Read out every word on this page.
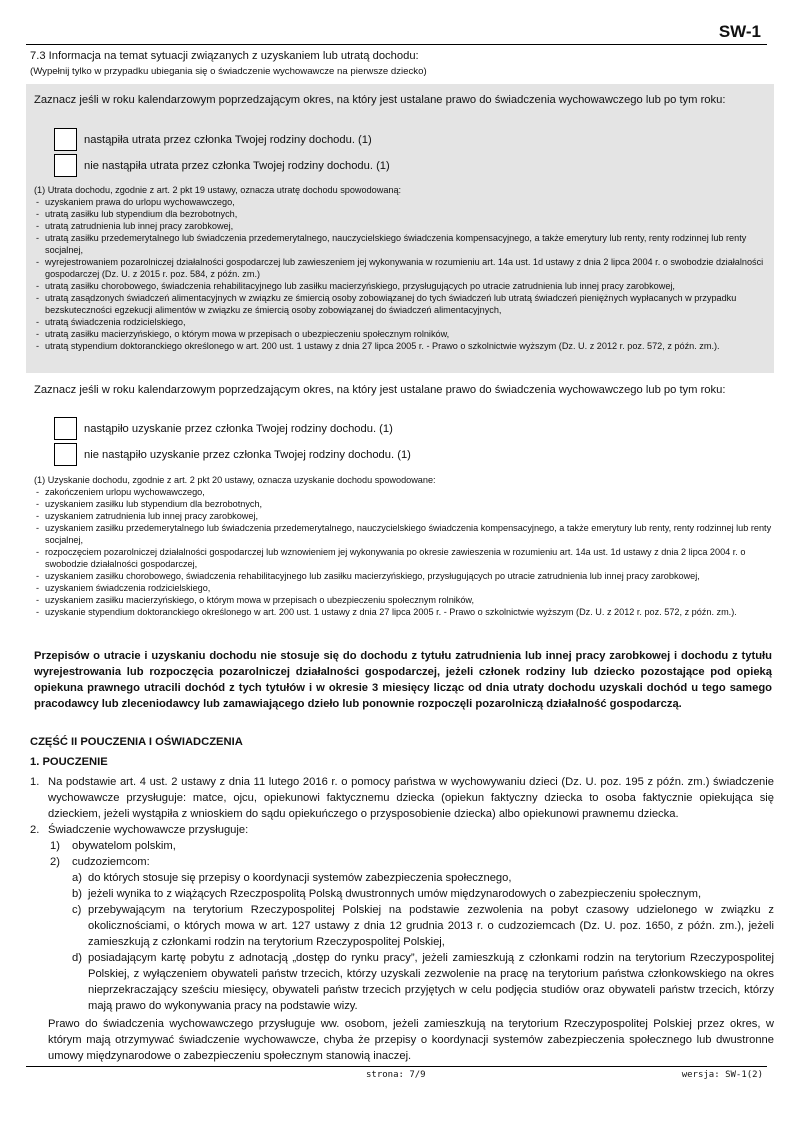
SW-1
7.3 Informacja na temat sytuacji związanych z uzyskaniem lub utratą dochodu:
(Wypełnij tylko w przypadku ubiegania się o świadczenie wychowawcze na pierwsze dziecko)
Zaznacz jeśli w roku kalendarzowym poprzedzającym okres, na który jest ustalane prawo do świadczenia wychowawczego lub po tym roku:
nastąpiła utrata przez członka Twojej rodziny dochodu. (1)
nie nastąpiła utrata przez członka Twojej rodziny dochodu. (1)
(1) Utrata dochodu, zgodnie z art. 2 pkt 19 ustawy, oznacza utratę dochodu spowodowaną:
- uzyskaniem prawa do urlopu wychowawczego,
- utratą zasiłku lub stypendium dla bezrobotnych,
- utratą zatrudnienia lub innej pracy zarobkowej,
- utratą zasiłku przedemerytalnego lub świadczenia przedemerytalnego, nauczycielskiego świadczenia kompensacyjnego, a także emerytury lub renty, renty rodzinnej lub renty socjalnej,
- wyrejestrowaniem pozarolniczej działalności gospodarczej lub zawieszeniem jej wykonywania w rozumieniu art. 14a ust. 1d ustawy z dnia 2 lipca 2004 r. o swobodzie działalności gospodarczej (Dz. U. z 2015 r. poz. 584, z późn. zm.)
- utratą zasiłku chorobowego, świadczenia rehabilitacyjnego lub zasiłku macierzyńskiego, przysługujących po utracie zatrudnienia lub innej pracy zarobkowej,
- utratą zasądzonych świadczeń alimentacyjnych w związku ze śmiercią osoby zobowiązanej do tych świadczeń lub utratą świadczeń pieniężnych wypłacanych w przypadku bezskuteczności egzekucji alimentów w związku ze śmiercią osoby zobowiązanej do świadczeń alimentacyjnych,
- utratą świadczenia rodzicielskiego,
- utratą zasiłku macierzyńskiego, o którym mowa w przepisach o ubezpieczeniu społecznym rolników,
- utratą stypendium doktoranckiego określonego w art. 200 ust. 1 ustawy z dnia 27 lipca 2005 r. - Prawo o szkolnictwie wyższym (Dz. U. z 2012 r. poz. 572, z późn. zm.).
Zaznacz jeśli w roku kalendarzowym poprzedzającym okres, na który jest ustalane prawo do świadczenia wychowawczego lub po tym roku:
nastąpiło uzyskanie przez członka Twojej rodziny dochodu. (1)
nie nastąpiło uzyskanie przez członka Twojej rodziny dochodu. (1)
(1) Uzyskanie dochodu, zgodnie z art. 2 pkt 20 ustawy, oznacza uzyskanie dochodu spowodowane:
- zakończeniem urlopu wychowawczego,
- uzyskaniem zasiłku lub stypendium dla bezrobotnych,
- uzyskaniem zatrudnienia lub innej pracy zarobkowej,
- uzyskaniem zasiłku przedemerytalnego lub świadczenia przedemerytalnego, nauczycielskiego świadczenia kompensacyjnego, a także emerytury lub renty, renty rodzinnej lub renty socjalnej,
- rozpoczęciem pozarolniczej działalności gospodarczej lub wznowieniem jej wykonywania po okresie zawieszenia w rozumieniu art. 14a ust. 1d ustawy z dnia 2 lipca 2004 r. o swobodzie działalności gospodarczej,
- uzyskaniem zasiłku chorobowego, świadczenia rehabilitacyjnego lub zasiłku macierzyńskiego, przysługujących po utracie zatrudnienia lub innej pracy zarobkowej,
- uzyskaniem świadczenia rodzicielskiego,
- uzyskaniem zasiłku macierzyńskiego, o którym mowa w przepisach o ubezpieczeniu społecznym rolników,
- uzyskanie stypendium doktoranckiego określonego w art. 200 ust. 1 ustawy z dnia 27 lipca 2005 r. - Prawo o szkolnictwie wyższym (Dz. U. z 2012 r. poz. 572, z późn. zm.).
Przepisów o utracie i uzyskaniu dochodu nie stosuje się do dochodu z tytułu zatrudnienia lub innej pracy zarobkowej i dochodu z tytułu wyrejestrowania lub rozpoczęcia pozarolniczej działalności gospodarczej, jeżeli członek rodziny lub dziecko pozostające pod opieką opiekuna prawnego utracili dochód z tych tytułów i w okresie 3 miesięcy licząc od dnia utraty dochodu uzyskali dochód u tego samego pracodawcy lub zleceniodawcy lub zamawiającego dzieło lub ponownie rozpoczęli pozarolniczą działalność gospodarczą.
CZĘŚĆ II POUCZENIA I OŚWIADCZENIA
1. POUCZENIE
1. Na podstawie art. 4 ust. 2 ustawy z dnia 11 lutego 2016 r. o pomocy państwa w wychowywaniu dzieci (Dz. U. poz. 195 z późn. zm.) świadczenie wychowawcze przysługuje: matce, ojcu, opiekunowi faktycznemu dziecka (opiekun faktyczny dziecka to osoba faktycznie opiekująca się dzieckiem, jeżeli wystąpiła z wnioskiem do sądu opiekuńczego o przysposobienie dziecka) albo opiekunowi prawnemu dziecka.
2. Świadczenie wychowawcze przysługuje:
1)	obywatelom polskim,
2)	cudzoziemcom:
a) do których stosuje się przepisy o koordynacji systemów zabezpieczenia społecznego,
b) jeżeli wynika to z wiążących Rzeczpospolitą Polską dwustronnych umów międzynarodowych o zabezpieczeniu społecznym,
c) przebywającym na terytorium Rzeczypospolitej Polskiej na podstawie zezwolenia na pobyt czasowy udzielonego w związku z okolicznościami, o których mowa w art. 127 ustawy z dnia 12 grudnia 2013 r. o cudzoziemcach (Dz. U. poz. 1650, z późn. zm.), jeżeli zamieszkują z członkami rodzin na terytorium Rzeczypospolitej Polskiej,
d) posiadającym kartę pobytu z adnotacją „dostęp do rynku pracy”, jeżeli zamieszkują z członkami rodzin na terytorium Rzeczypospolitej Polskiej, z wyłączeniem obywateli państw trzecich, którzy uzyskali zezwolenie na pracę na terytorium państwa członkowskiego na okres nieprzekraczający sześciu miesięcy, obywateli państw trzecich przyjętych w celu podjęcia studiów oraz obywateli państw trzecich, którzy mają prawo do wykonywania pracy na podstawie wizy.
Prawo do świadczenia wychowawczego przysługuje ww. osobom, jeżeli zamieszkują na terytorium Rzeczypospolitej Polskiej przez okres, w którym mają otrzymywać świadczenie wychowawcze, chyba że przepisy o koordynacji systemów zabezpieczenia społecznego lub dwustronne umowy międzynarodowe o zabezpieczeniu społecznym stanowią inaczej.
strona: 7/9	wersja: SW-1(2)
